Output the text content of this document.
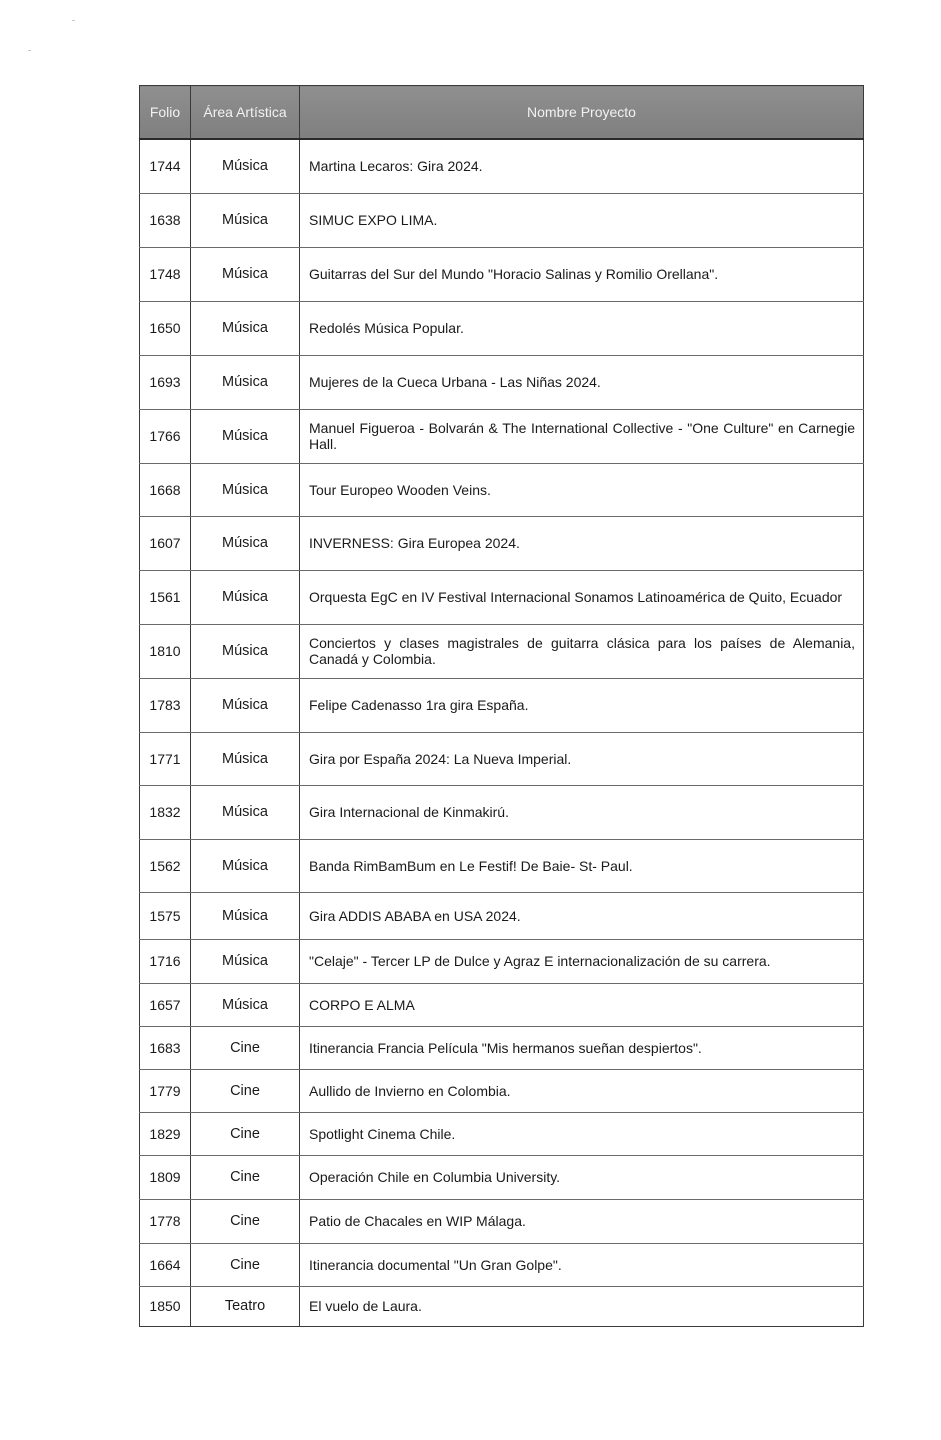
Folio	Área Artística	Nombre Proyecto
1744	Música	Martina Lecaros: Gira 2024.
1638	Música	SIMUC EXPO LIMA.
1748	Música	Guitarras del Sur del Mundo "Horacio Salinas y Romilio Orellana".
1650	Música	Redolés Música Popular.
1693	Música	Mujeres de la Cueca Urbana - Las Niñas 2024.
1766	Música	Manuel Figueroa - Bolvarán & The International Collective - "One Culture" en Carnegie Hall.
1668	Música	Tour Europeo Wooden Veins.
1607	Música	INVERNESS: Gira Europea 2024.
1561	Música	Orquesta EgC en IV Festival Internacional Sonamos Latinoamérica de Quito, Ecuador
1810	Música	Conciertos y clases magistrales de guitarra clásica para los países de Alemania, Canadá y Colombia.
1783	Música	Felipe Cadenasso 1ra gira España.
1771	Música	Gira por España 2024: La Nueva Imperial.
1832	Música	Gira Internacional de Kinmakirú.
1562	Música	Banda RimBamBum en Le Festif! De Baie- St- Paul.
1575	Música	Gira ADDIS ABABA en USA 2024.
1716	Música	"Celaje" - Tercer LP de Dulce y Agraz E internacionalización de su carrera.
1657	Música	CORPO E ALMA
1683	Cine	Itinerancia Francia Película "Mis hermanos sueñan despiertos".
1779	Cine	Aullido de Invierno en Colombia.
1829	Cine	Spotlight Cinema Chile.
1809	Cine	Operación Chile en Columbia University.
1778	Cine	Patio de Chacales en WIP Málaga.
1664	Cine	Itinerancia documental "Un Gran Golpe".
1850	Teatro	El vuelo de Laura.
